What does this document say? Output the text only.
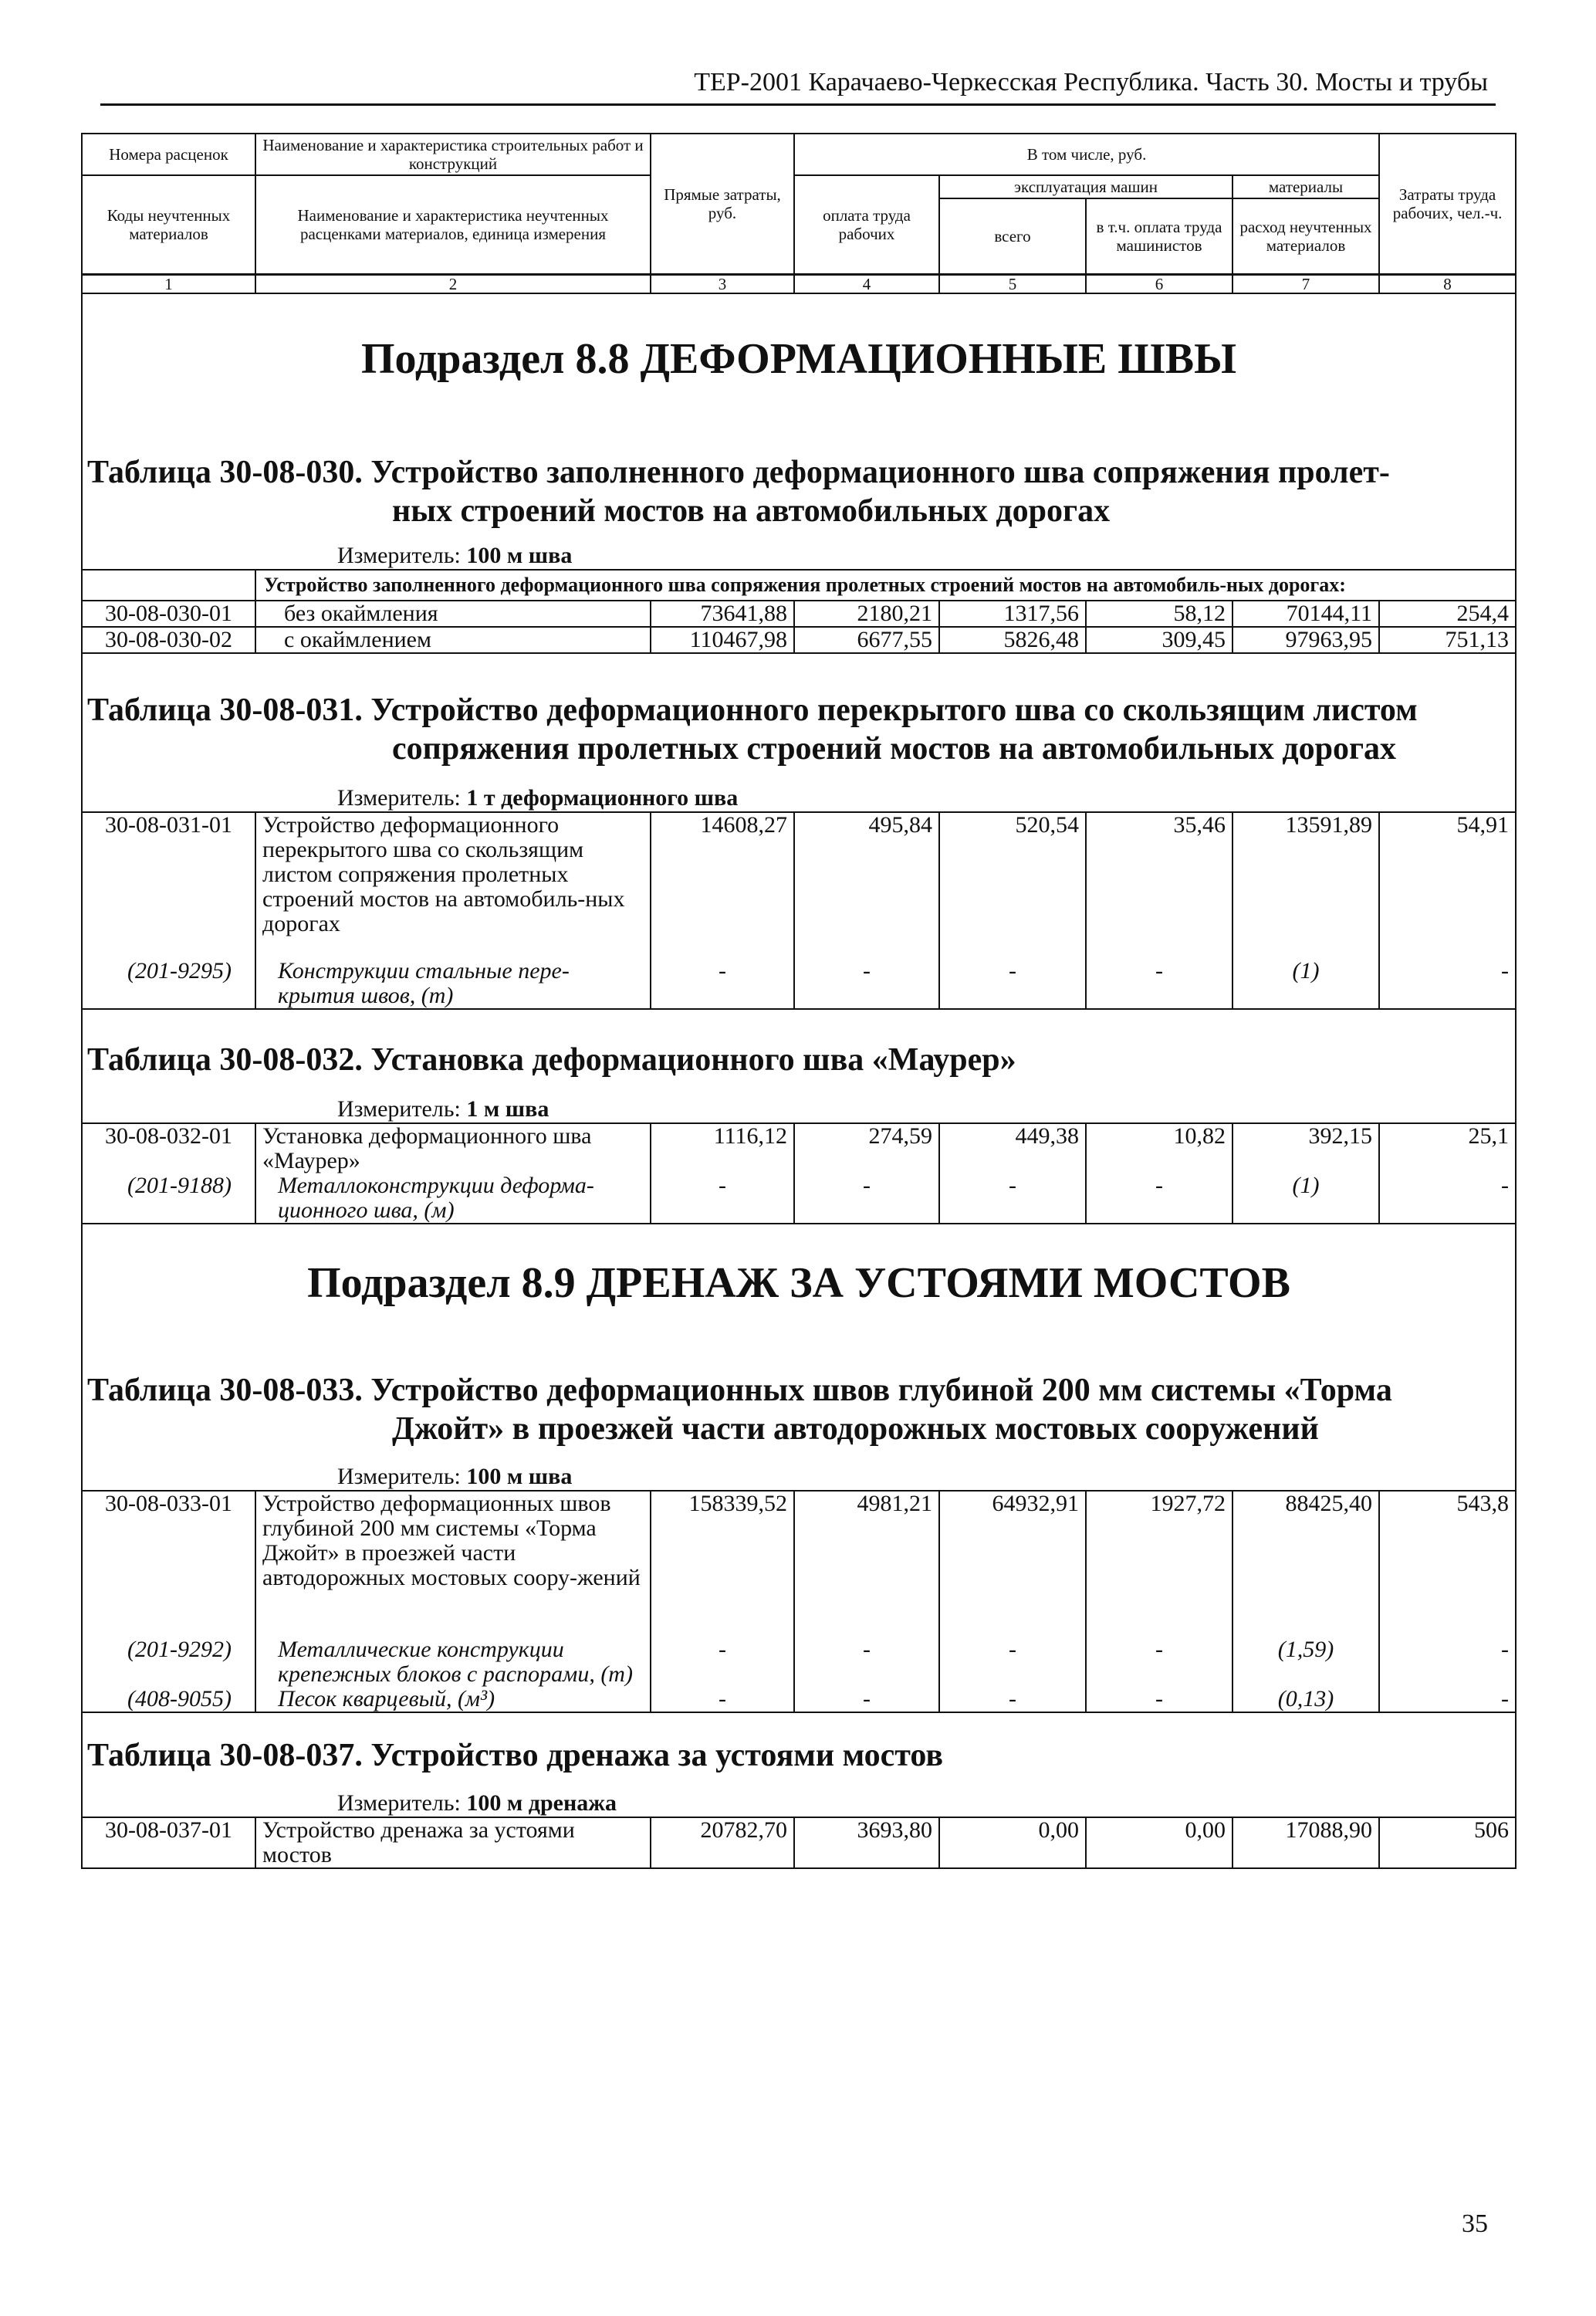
ТЕР-2001 Карачаево-Черкесская Республика. Часть 30. Мосты и трубы
Номера расценок	Наименование и характеристика строительных работ и конструкций	Прямые затраты, руб.	В том числе, руб.				Затраты труда рабочих, чел.-ч.
Коды неучтенных материалов	Наименование и характеристика неучтенных расценками материалов, единица измерения		оплата труда рабочих	эксплуатация машин		материалы	
				всего	в т.ч. оплата труда машинистов	расход неучтенных материалов	
1	2	3	4	5	6	7	8
Подраздел 8.8 ДЕФОРМАЦИОННЫЕ ШВЫ							
Таблица 30-08-030. Устройство заполненного деформационного шва сопряжения пролет-
ных строений мостов на автомобильных дорогах							

Измеритель: 100 м шва							
	Устройство заполненного деформационного шва сопряжения пролетных строений мостов на автомобиль-ных дорогах:						
30-08-030-01	без окаймления	73641,88	2180,21	1317,56	58,12	70144,11	254,4
30-08-030-02	с окаймлением	110467,98	6677,55	5826,48	309,45	97963,95	751,13
Таблица 30-08-031. Устройство деформационного перекрытого шва со скользящим листом
сопряжения пролетных строений мостов на автомобильных дорогах							

Измеритель: 1 т деформационного шва							
30-08-031-01	Устройство деформационного перекрытого шва со скользящим листом сопряжения пролетных строений мостов на автомобиль-ных дорогах	14608,27	495,84	520,54	35,46	13591,89	54,91
(201-9295)	Конструкции стальные пере-крытия швов, (т)	-	-	-	-	(1)	-
Таблица 30-08-032. Установка деформационного шва «Маурер»							
Измеритель: 1 м шва							
30-08-032-01	Установка деформационного шва «Маурер»	1116,12	274,59	449,38	10,82	392,15	25,1
(201-9188)	Металлоконструкции деформа-ционного шва, (м)	-	-	-	-	(1)	-
Подраздел 8.9 ДРЕНАЖ ЗА УСТОЯМИ МОСТОВ							
Таблица 30-08-033. Устройство деформационных швов глубиной 200 мм системы «Торма
Джойт» в проезжей части автодорожных мостовых сооружений							

Измеритель: 100 м шва							
30-08-033-01	Устройство деформационных швов глубиной 200 мм системы «Торма Джойт» в проезжей части автодорожных мостовых соору-жений	158339,52	4981,21	64932,91	1927,72	88425,40	543,8
(201-9292)	Металлические конструкции крепежных блоков с распорами, (т)	-	-	-	-	(1,59)	-
(408-9055)	Песок кварцевый, (м³)	-	-	-	-	(0,13)	-
Таблица 30-08-037. Устройство дренажа за устоями мостов							
Измеритель: 100 м дренажа							
30-08-037-01	Устройство дренажа за устоями мостов	20782,70	3693,80	0,00	0,00	17088,90	506
35
